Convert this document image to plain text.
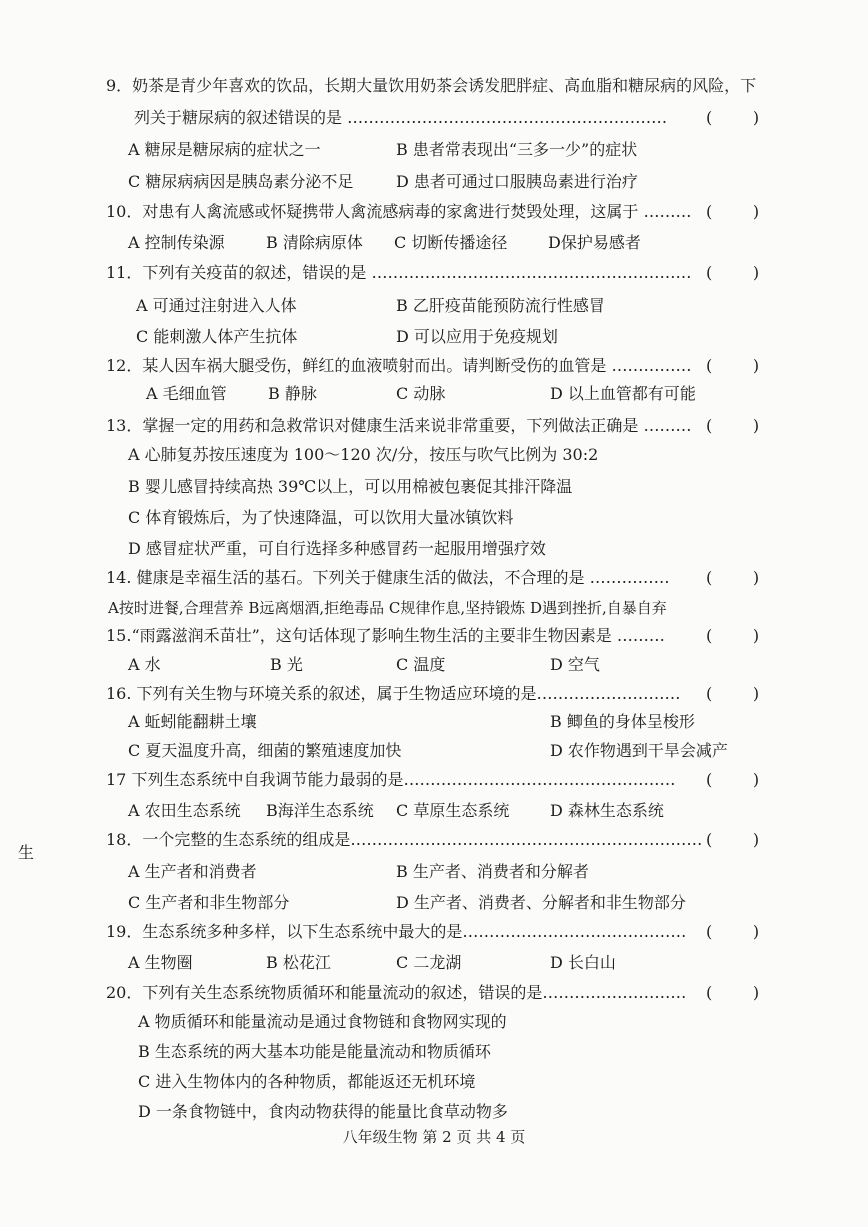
9．奶茶是青少年喜欢的饮品，长期大量饮用奶茶会诱发肥胖症、高血脂和糖尿病的风险，下
列关于糖尿病的叙述错误的是 …………………………………………………… (        )
A 糖尿是糖尿病的症状之一	B 患者常表现出“三多一少”的症状
C 糖尿病病因是胰岛素分泌不足	D 患者可通过口服胰岛素进行治疗
10．对患有人禽流感或怀疑携带人禽流感病毒的家禽进行焚毁处理，这属于 ……… (        )
A 控制传染源	B 清除病原体 C 切断传播途径	D保护易感者
11．下列有关疫苗的叙述，错误的是 …………………………………………………… (        )
A 可通过注射进入人体	B 乙肝疫苗能预防流行性感冒
C 能刺激人体产生抗体	D 可以应用于免疫规划
12．某人因车祸大腿受伤，鲜红的血液喷射而出。请判断受伤的血管是 …………… (        )
A 毛细血管	B 静脉	C 动脉	D 以上血管都有可能
13．掌握一定的用药和急救常识对健康生活来说非常重要，下列做法正确是 ……… (        )
A 心肺复苏按压速度为 100～120 次/分，按压与吹气比例为 30:2
B 婴儿感冒持续高热 39℃以上，可以用棉被包裹促其排汗降温
C 体育锻炼后，为了快速降温，可以饮用大量冰镇饮料
D 感冒症状严重，可自行选择多种感冒药一起服用增强疗效
14. 健康是幸福生活的基石。下列关于健康生活的做法，不合理的是 …………… (        )
A按时进餐,合理营养 B远离烟酒,拒绝毒品 C规律作息,坚持锻炼 D遇到挫折,自暴自弃
15.“雨露滋润禾苗壮”，这句话体现了影响生物生活的主要非生物因素是 ………	(        )
A 水	B 光	C 温度	D 空气
16. 下列有关生物与环境关系的叙述，属于生物适应环境的是……………………… (        )
A 蚯蚓能翻耕土壤	B 鲫鱼的身体呈梭形
C 夏天温度升高，细菌的繁殖速度加快	D 农作物遇到干旱会减产
17 下列生态系统中自我调节能力最弱的是…………………………………………… (        )
A 农田生态系统 B海洋生态系统 C 草原生态系统	D 森林生态系统
生
18．一个完整的生态系统的组成是………………………………………………………… (        )
A 生产者和消费者	B 生产者、消费者和分解者
C 生产者和非生物部分	D 生产者、消费者、分解者和非生物部分
19．生态系统多种多样，以下生态系统中最大的是…………………………………… (        )
A 生物圈	B 松花江	C 二龙湖	D 长白山
20．下列有关生态系统物质循环和能量流动的叙述，错误的是……………………… (        )
A 物质循环和能量流动是通过食物链和食物网实现的
B 生态系统的两大基本功能是能量流动和物质循环
C 进入生物体内的各种物质，都能返还无机环境
D 一条食物链中，食肉动物获得的能量比食草动物多
八年级生物 第 2 页 共 4 页
